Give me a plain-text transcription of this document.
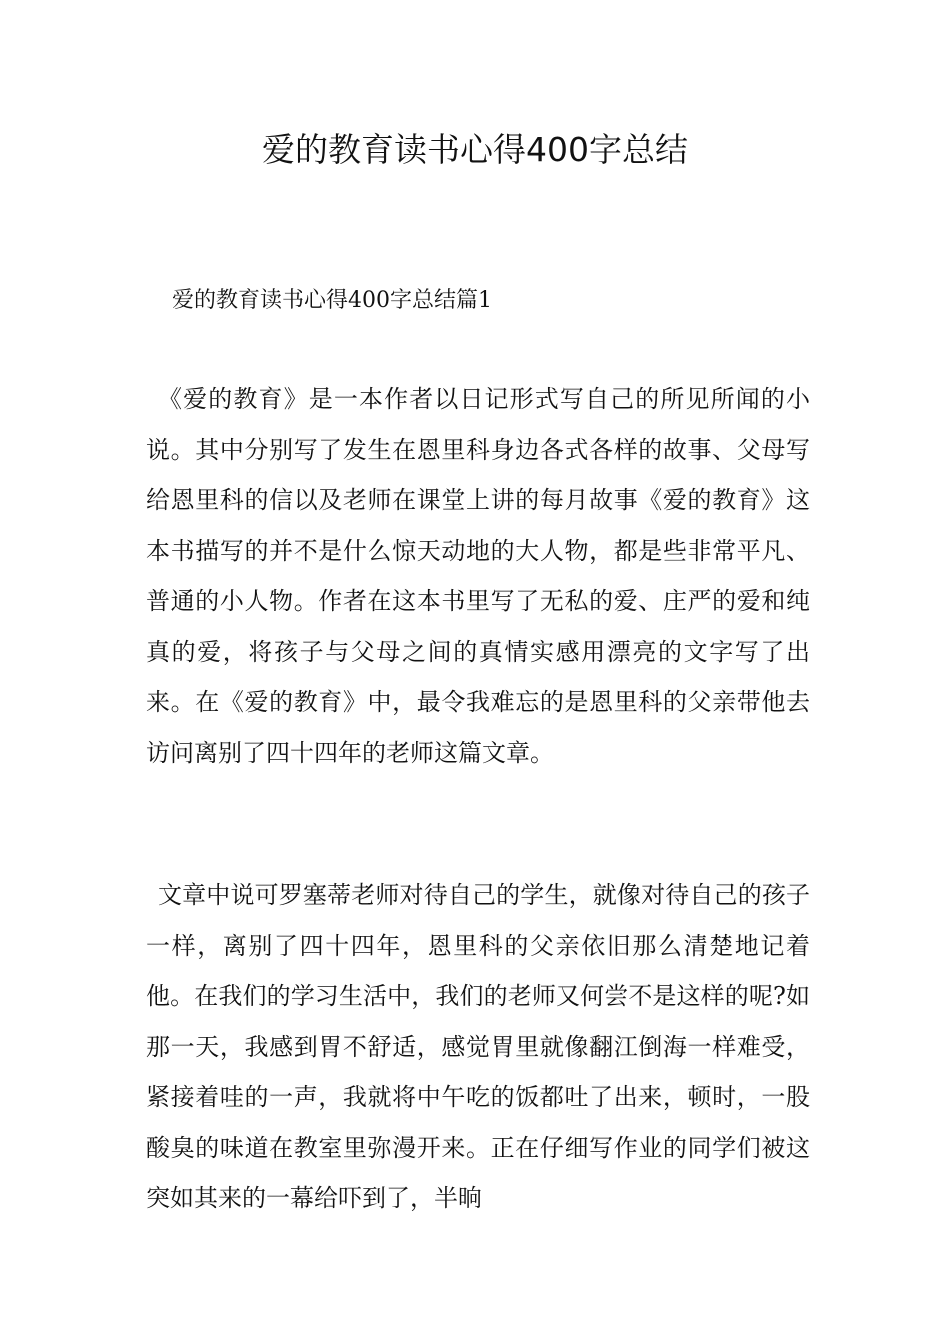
爱的教育读书心得400字总结
爱的教育读书心得400字总结篇1

《爱的教育》是一本作者以日记形式写自己的所见所闻的小说。其中分别写了发生在恩里科身边各式各样的故事、父母写给恩里科的信以及老师在课堂上讲的每月故事《爱的教育》这本书描写的并不是什么惊天动地的大人物，都是些非常平凡、普通的小人物。作者在这本书里写了无私的爱、庄严的爱和纯真的爱，将孩子与父母之间的真情实感用漂亮的文字写了出来。在《爱的教育》中，最令我难忘的是恩里科的父亲带他去访问离别了四十四年的老师这篇文章。

文章中说可罗塞蒂老师对待自己的学生，就像对待自己的孩子一样，离别了四十四年，恩里科的父亲依旧那么清楚地记着他。在我们的学习生活中，我们的老师又何尝不是这样的呢?如那一天，我感到胃不舒适，感觉胃里就像翻江倒海一样难受，紧接着哇的一声，我就将中午吃的饭都吐了出来，顿时，一股酸臭的味道在教室里弥漫开来。正在仔细写作业的同学们被这突如其来的一幕给吓到了，半晌
